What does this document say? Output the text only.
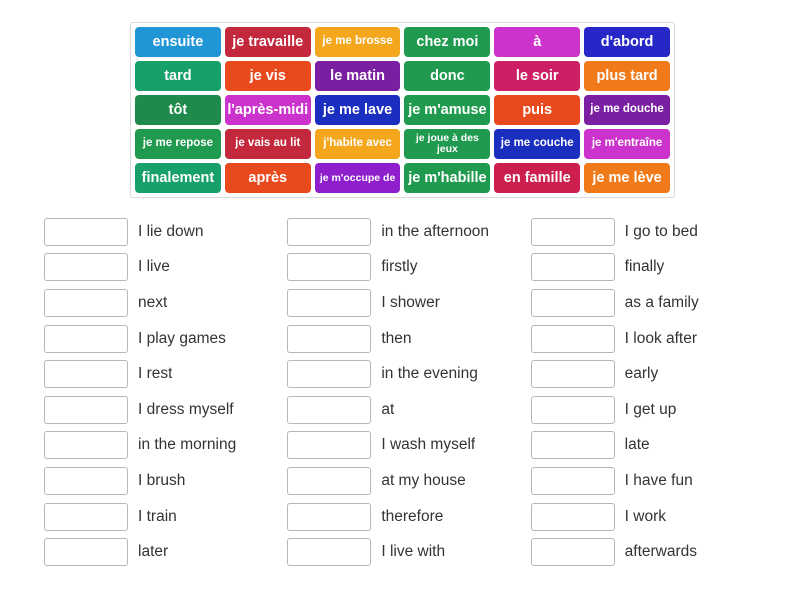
ensuite	je travaille	je me brosse	chez moi	à	d'abord
tard	je vis	le matin	donc	le soir	plus tard
tôt	l'après-midi	je me lave	je m'amuse	puis	je me douche
je me repose	je vais au lit	j'habite avec	je joue à des jeux	je me couche	je m'entraîne
finalement	après	je m'occupe de je m'habille	en famille	je me lève
I lie down
I live
next
I play games
I rest
I dress myself
in the morning
I brush
I train
later
in the afternoon
firstly
I shower
then
in the evening
at
I wash myself
at my house
therefore
I live with
I go to bed
finally
as a family
I look after
early
I get up
late
I have fun
I work
afterwards
